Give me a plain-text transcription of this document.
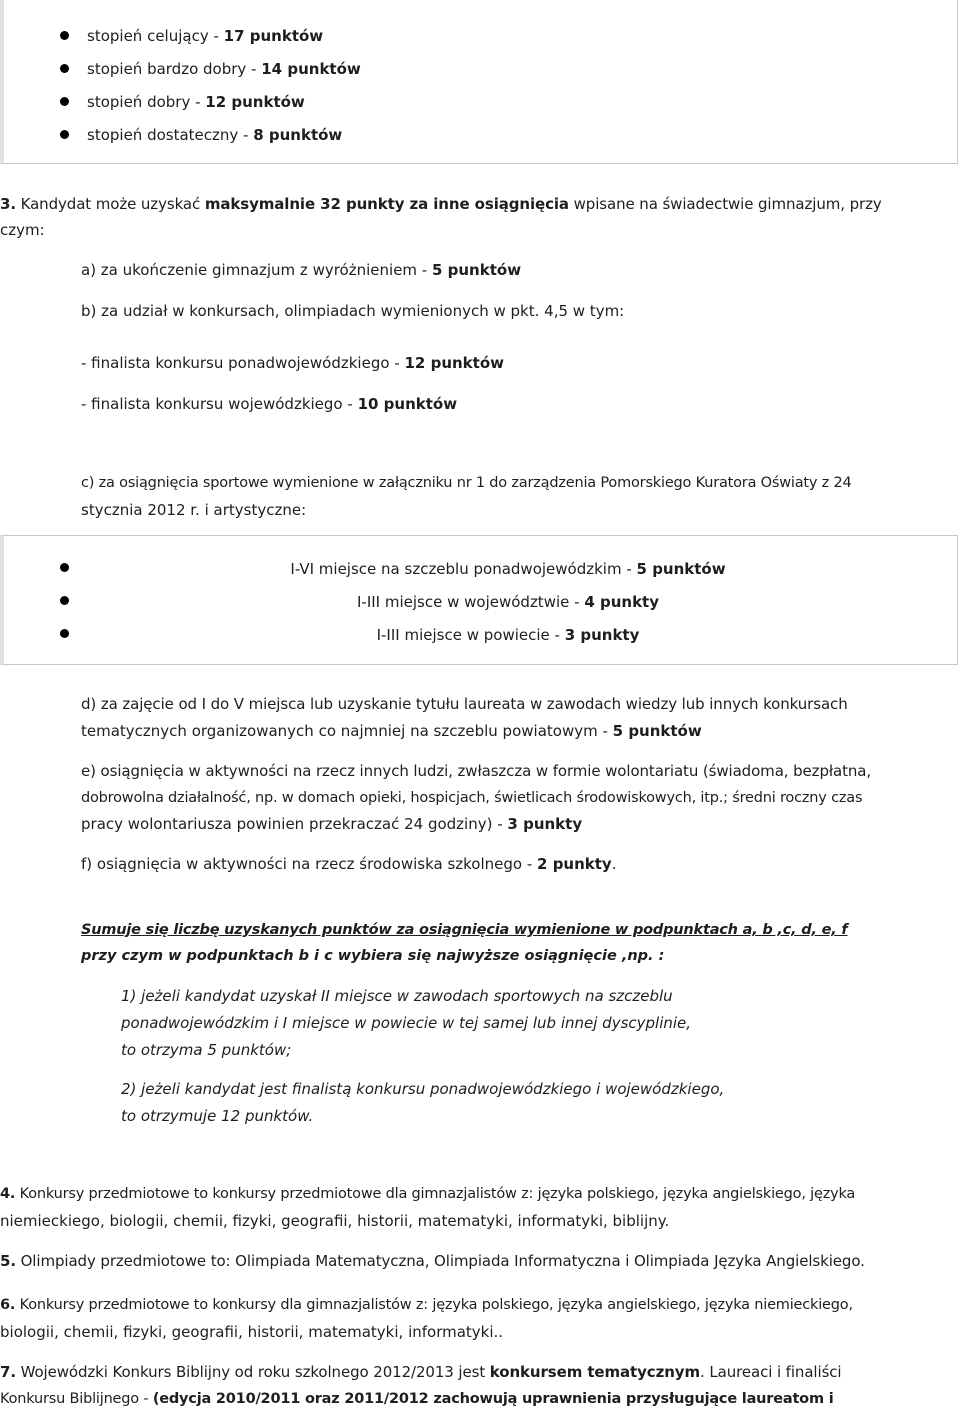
stopień celujący - 17 punktów
stopień bardzo dobry - 14 punktów
stopień dobry - 12 punktów
stopień dostateczny - 8 punktów
3. Kandydat może uzyskać maksymalnie 32 punkty za inne osiągnięcia wpisane na świadectwie gimnazjum, przy
czym:
a) za ukończenie gimnazjum z wyróżnieniem - 5 punktów
b) za udział w konkursach, olimpiadach wymienionych w pkt. 4,5 w tym:
- finalista konkursu ponadwojewódzkiego - 12 punktów
- finalista konkursu wojewódzkiego - 10 punktów
c) za osiągnięcia sportowe wymienione w załączniku nr 1 do zarządzenia Pomorskiego Kuratora Oświaty z 24
stycznia 2012 r. i artystyczne:
I-VI miejsce na szczeblu ponadwojewódzkim - 5 punktów
I-III miejsce w województwie - 4 punkty
I-III miejsce w powiecie - 3 punkty
d) za zajęcie od I do V miejsca lub uzyskanie tytułu laureata w zawodach wiedzy lub innych konkursach
tematycznych organizowanych co najmniej na szczeblu powiatowym - 5 punktów
e) osiągnięcia w aktywności na rzecz innych ludzi, zwłaszcza w formie wolontariatu (świadoma, bezpłatna,
dobrowolna działalność, np. w domach opieki, hospicjach, świetlicach środowiskowych, itp.; średni roczny czas
pracy wolontariusza powinien przekraczać 24 godziny) - 3 punkty
f) osiągnięcia w aktywności na rzecz środowiska szkolnego - 2 punkty.
Sumuje się liczbę uzyskanych punktów za osiągnięcia wymienione w podpunktach a, b ,c, d, e, f
przy czym w podpunktach b i c wybiera się najwyższe osiągnięcie ,np. :
1) jeżeli kandydat uzyskał II miejsce w zawodach sportowych na szczeblu
ponadwojewódzkim i I miejsce w powiecie w tej samej lub innej dyscyplinie,
to otrzyma 5 punktów;
2) jeżeli kandydat jest finalistą konkursu ponadwojewódzkiego i wojewódzkiego,
to otrzymuje 12 punktów.
4. Konkursy przedmiotowe to konkursy przedmiotowe dla gimnazjalistów z: języka polskiego, języka angielskiego, języka
niemieckiego, biologii, chemii, fizyki, geografii, historii, matematyki, informatyki, biblijny.
5. Olimpiady przedmiotowe to: Olimpiada Matematyczna, Olimpiada Informatyczna i Olimpiada Języka Angielskiego.
6. Konkursy przedmiotowe to konkursy dla gimnazjalistów z: języka polskiego, języka angielskiego, języka niemieckiego,
biologii, chemii, fizyki, geografii, historii, matematyki, informatyki..
7. Wojewódzki Konkurs Biblijny od roku szkolnego 2012/2013 jest konkursem tematycznym. Laureaci i finaliści
Konkursu Biblijnego - (edycja 2010/2011 oraz 2011/2012 zachowują uprawnienia przysługujące laureatom i
